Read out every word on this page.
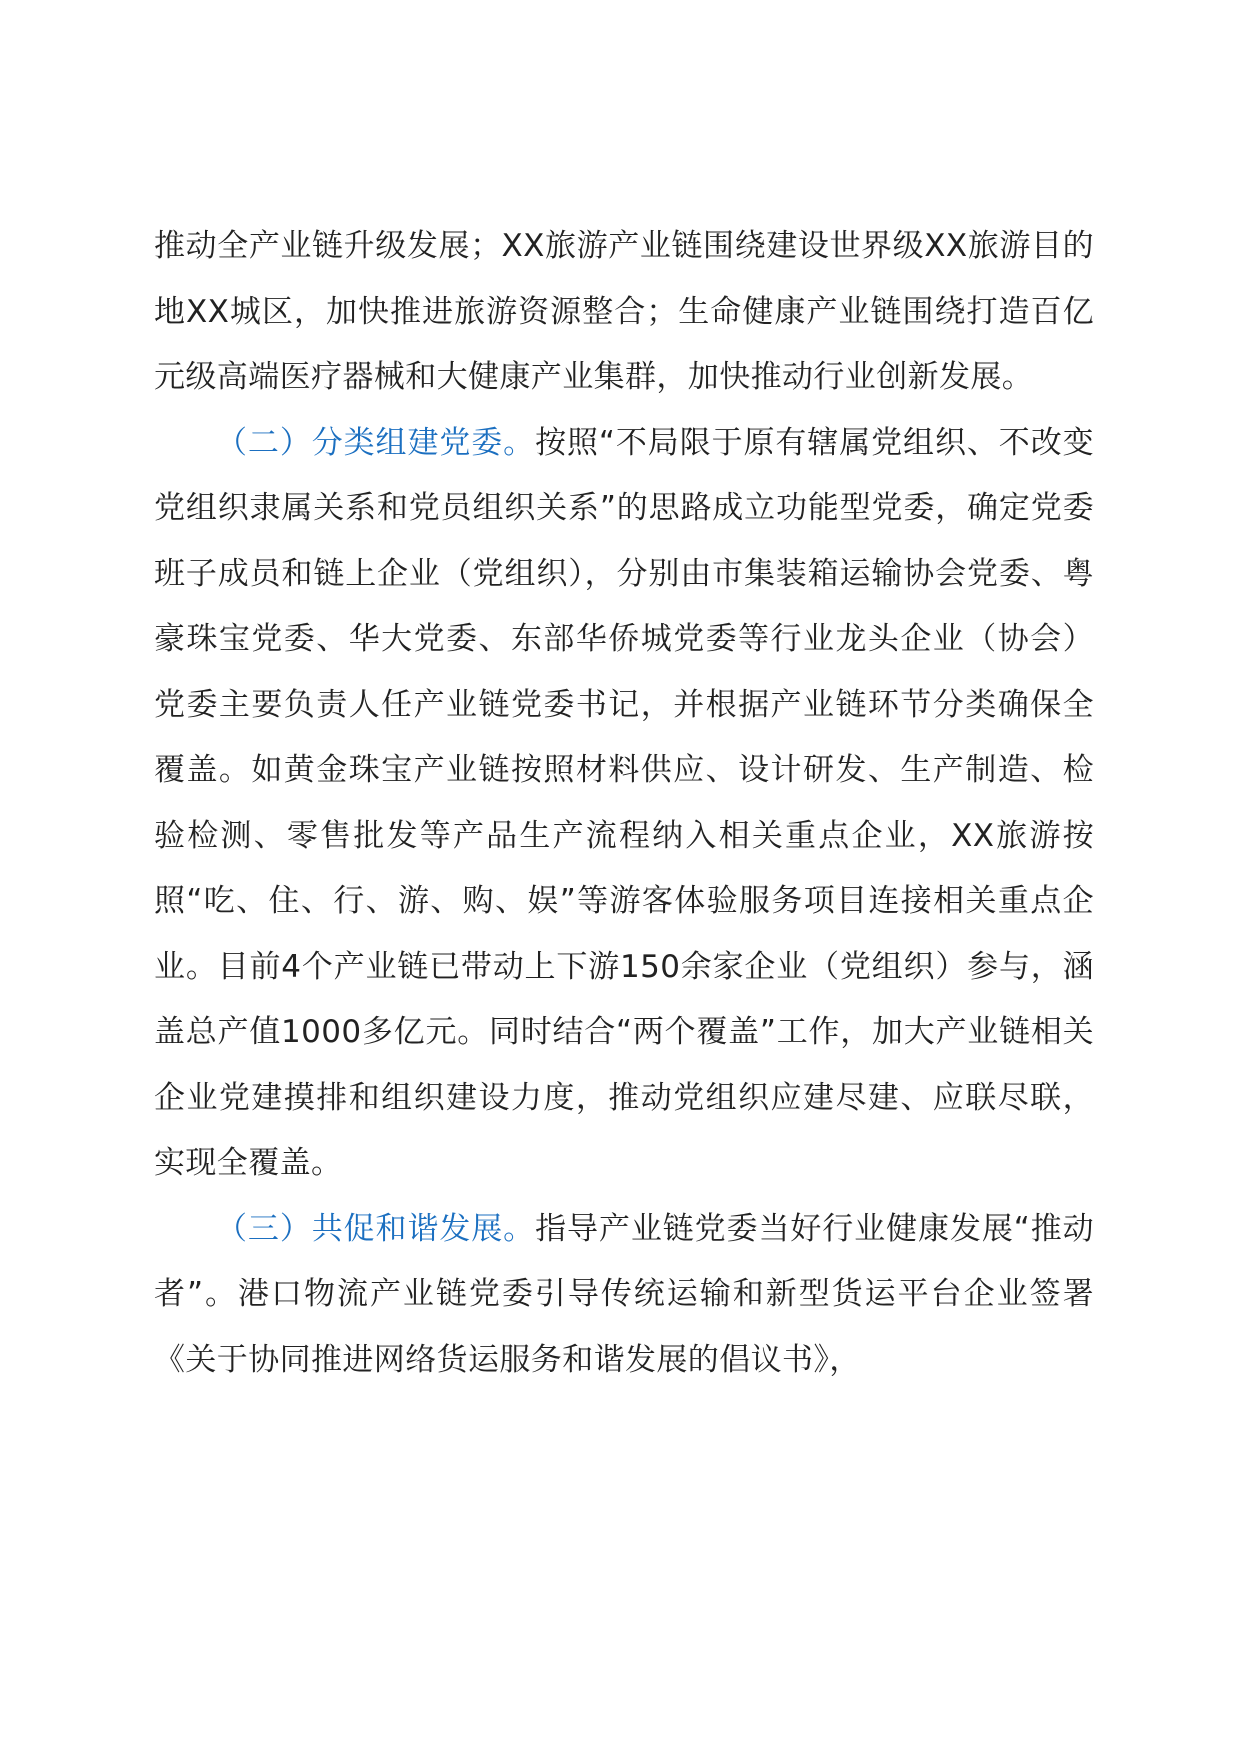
推动全产业链升级发展；XX旅游产业链围绕建设世界级XX旅游目的地XX城区，加快推进旅游资源整合；生命健康产业链围绕打造百亿元级高端医疗器械和大健康产业集群，加快推动行业创新发展。

（二）分类组建党委。按照“不局限于原有辖属党组织、不改变党组织隶属关系和党员组织关系”的思路成立功能型党委，确定党委班子成员和链上企业（党组织），分别由市集装箱运输协会党委、粤豪珠宝党委、华大党委、东部华侨城党委等行业龙头企业（协会）党委主要负责人任产业链党委书记，并根据产业链环节分类确保全覆盖。如黄金珠宝产业链按照材料供应、设计研发、生产制造、检验检测、零售批发等产品生产流程纳入相关重点企业，XX旅游按照“吃、住、行、游、购、娱”等游客体验服务项目连接相关重点企业。目前4个产业链已带动上下游150余家企业（党组织）参与，涵盖总产值1000多亿元。同时结合“两个覆盖”工作，加大产业链相关企业党建摸排和组织建设力度，推动党组织应建尽建、应联尽联，实现全覆盖。

（三）共促和谐发展。指导产业链党委当好行业健康发展“推动者”。港口物流产业链党委引导传统运输和新型货运平台企业签署《关于协同推进网络货运服务和谐发展的倡议书》，
